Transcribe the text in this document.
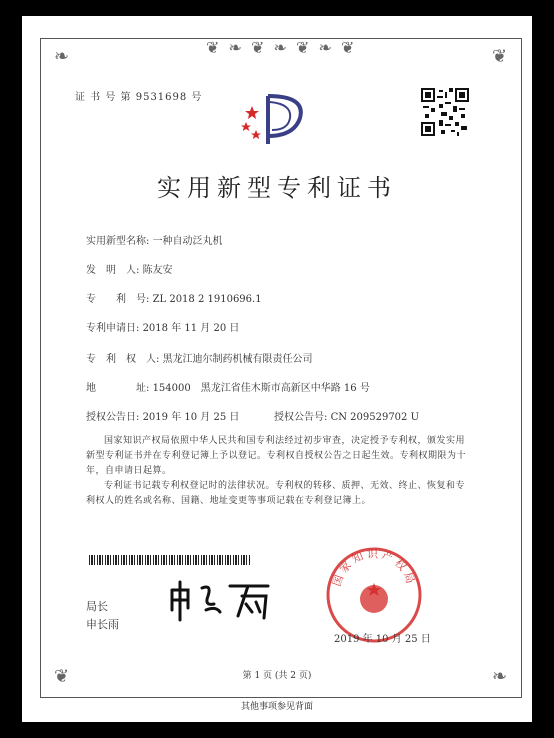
❦ ❧ ❦ ❧ ❦ ❧ ❦
❧	❦
❦	❧
证 书 号 第 9531698 号
实用新型专利证书
实用新型名称: 一种自动泛丸机
发　明　人: 陈友安
专　　利　号: ZL 2018 2 1910696.1
专利申请日: 2018 年 11 月 20 日
专　利　权　人: 黑龙江迪尔制药机械有限责任公司
地　　　　址: 154000　黑龙江省佳木斯市高新区中华路 16 号
授权公告日: 2019 年 10 月 25 日	授权公告号: CN 209529702 U
国家知识产权局依照中华人民共和国专利法经过初步审查，决定授予专利权，颁发实用新型专利证书并在专利登记簿上予以登记。专利权自授权公告之日起生效。专利权期限为十年，自申请日起算。
专利证书记载专利权登记时的法律状况。专利权的转移、质押、无效、终止、恢复和专利权人的姓名或名称、国籍、地址变更等事项记载在专利登记簿上。
局长
申长雨
国家知识产权局
2019 年 10 月 25 日
第 1 页 (共 2 页)
其他事项参见背面
